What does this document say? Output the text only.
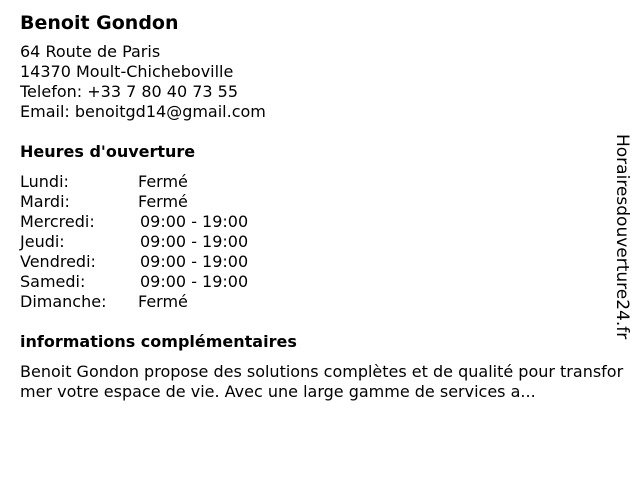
Benoit Gondon
64 Route de Paris
14370 Moult-Chicheboville
Telefon: +33 7 80 40 73 55
Email: benoitgd14@gmail.com
Heures d'ouverture
Lundi:	Fermé
Mardi:	Fermé
Mercredi:	09:00 - 19:00
Jeudi:	09:00 - 19:00
Vendredi:	09:00 - 19:00
Samedi:	09:00 - 19:00
Dimanche:	Fermé
informations complémentaires
Benoit Gondon propose des solutions complètes et de qualité pour transformer votre espace de vie. Avec une large gamme de services a...
Horairesdouverture24.fr
